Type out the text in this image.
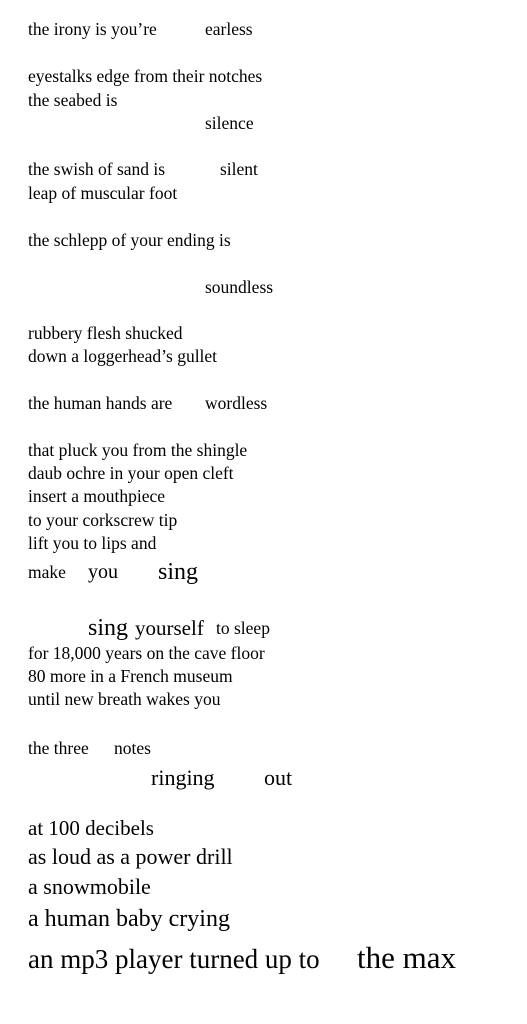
the irony is you’re	earless
eyestalks edge from their notches
the seabed is
silence
the swish of sand is	silent
leap of muscular foot
the schlepp of your ending is
soundless
rubbery flesh shucked
down a loggerhead’s gullet
the human hands are wordless
that pluck you from the shingle
daub ochre in your open cleft
insert a mouthpiece
to your corkscrew tip
lift you to lips and
make you sing
sing yourself to sleep
for 18,000 years on the cave floor
80 more in a French museum
until new breath wakes you
the three notes
ringing out
at 100 decibels
as loud as a power drill
a snowmobile
a human baby crying
an mp3 player turned up to the max
